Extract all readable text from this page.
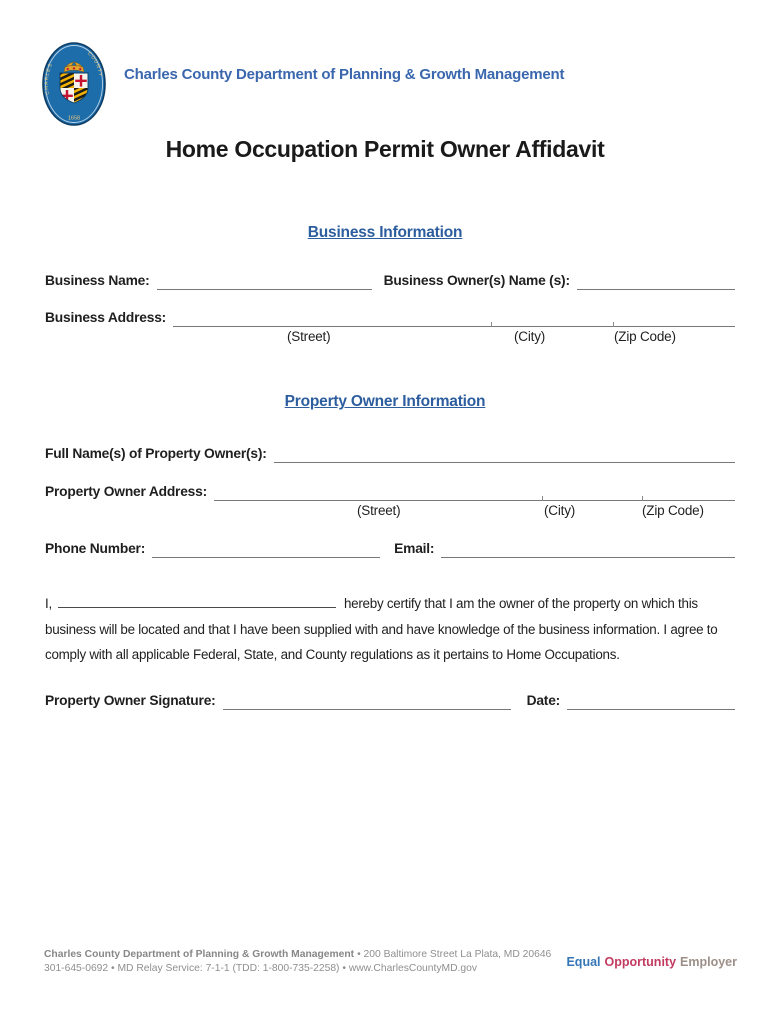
CHARLES
COUNTY
1658
Charles County Department of Planning & Growth Management
Home Occupation Permit Owner Affidavit
Business Information
Business Name:	Business Owner(s) Name (s):
Business Address:
(Street)	(City)	(Zip Code)
Property Owner Information
Full Name(s) of Property Owner(s):
Property Owner Address:
(Street)	(City)	(Zip Code)
Phone Number:	Email:
I,	hereby certify that I am the owner of the property on which this business will be located and that I have been supplied with and have knowledge of the business information. I agree to comply with all applicable Federal, State, and County regulations as it pertains to Home Occupations.
Property Owner Signature:	Date:
Charles County Department of Planning & Growth Management • 200 Baltimore Street La Plata, MD 20646
301-645-0692 • MD Relay Service: 7-1-1 (TDD: 1-800-735-2258) • www.CharlesCountyMD.gov	Equal Opportunity Employer
